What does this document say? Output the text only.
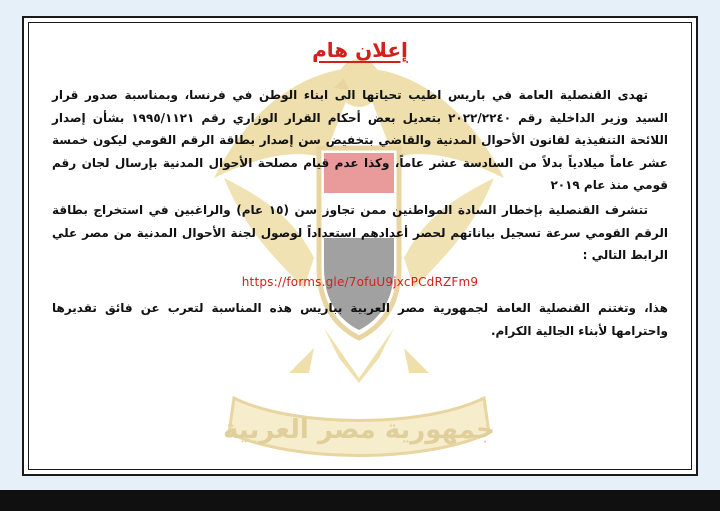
جمهورية مصر العربية
إعلان هام

تهدى القنصلية العامة في باريس اطيب تحياتها الى ابناء الوطن في فرنسا، وبمناسبة صدور قرار السيد وزير الداخلية رقم ٢٠٢٢/٢٢٤٠ بتعديل بعض أحكام القرار الوزاري رقم ١٩٩٥/١١٢١ بشأن إصدار اللائحة التنفيذية لقانون الأحوال المدنية والقاضي بتخفيض سن إصدار بطاقة الرقم القومي ليكون خمسة عشر عاماً ميلادياً بدلاً من السادسة عشر عاماً، وكذا عدم قيام مصلحة الأحوال المدنية بإرسال لجان رقم قومي منذ عام ٢٠١٩

تتشرف القنصلية بإخطار السادة المواطنين ممن تجاوز سن (١٥ عام) والراغبين في استخراج بطاقة الرقم القومي سرعة تسجيل بياناتهم لحصر أعدادهم استعداداً لوصول لجنة الأحوال المدنية من مصر علي الرابط التالي :

https://forms.gle/7ofuU9jxcPCdRZFm9

هذا، وتغتنم القنصلية العامة لجمهورية مصر العربية بباريس هذه المناسبة لتعرب عن فائق تقديرها واحترامها لأبناء الجالية الكرام.
